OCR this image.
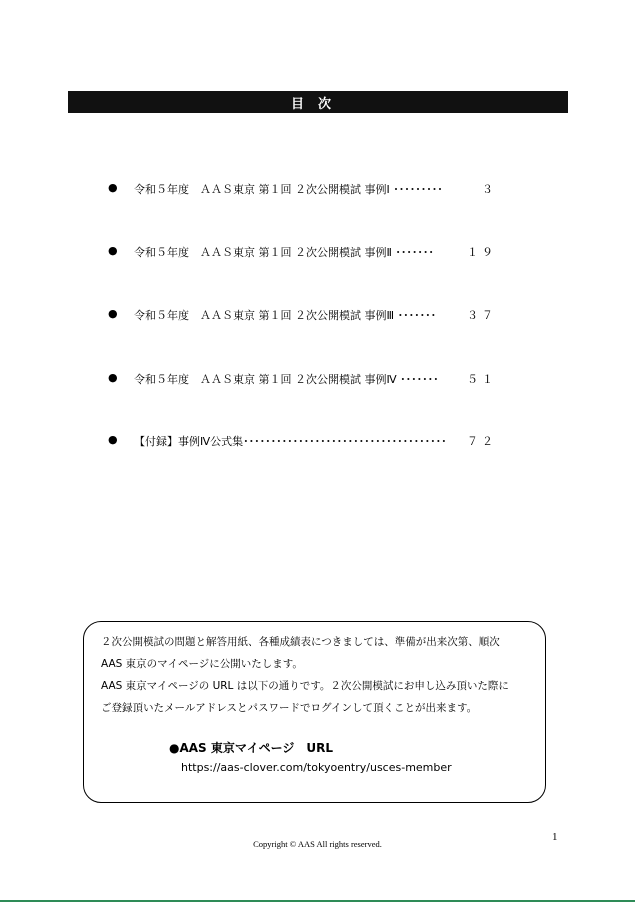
目次
● 令和５年度　ＡＡＳ東京 第１回 ２次公開模試 事例Ⅰ ･････････	３
● 令和５年度　ＡＡＳ東京 第１回 ２次公開模試 事例Ⅱ ･･･････	１９
● 令和５年度　ＡＡＳ東京 第１回 ２次公開模試 事例Ⅲ ･･･････	３７
● 令和５年度　ＡＡＳ東京 第１回 ２次公開模試 事例Ⅳ ･･･････	５１
● 【付録】事例Ⅳ公式集･････････････････････････････････････ ７２
２次公開模試の問題と解答用紙、各種成績表につきましては、準備が出来次第、順次
AAS 東京のマイページに公開いたします。
AAS 東京マイページの URL は以下の通りです。２次公開模試にお申し込み頂いた際に
ご登録頂いたメールアドレスとパスワードでログインして頂くことが出来ます。
●AAS 東京マイページ　URL
https://aas-clover.com/tokyoentry/usces-member
1
Copyright © AAS All rights reserved.
